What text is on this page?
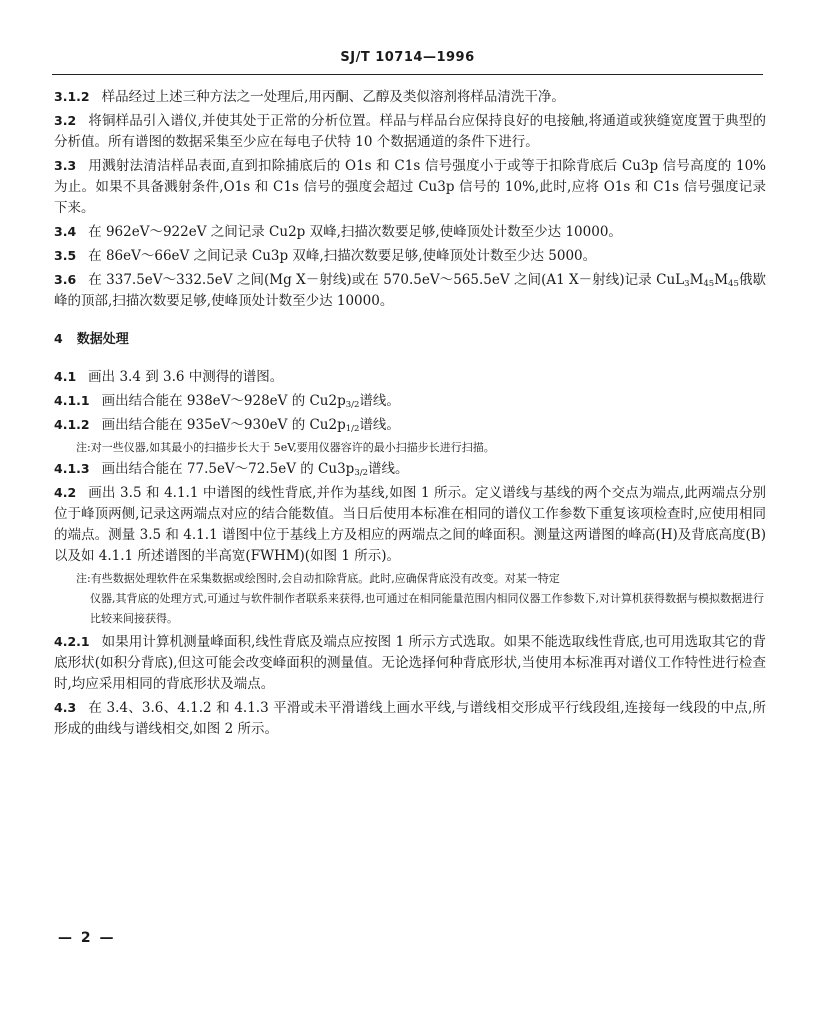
SJ/T 10714—1996

3.1.2 样品经过上述三种方法之一处理后,用丙酮、乙醇及类似溶剂将样品清洗干净。

3.2 将铜样品引入谱仪,并使其处于正常的分析位置。样品与样品台应保持良好的电接触,将通道或狭缝宽度置于典型的分析值。所有谱图的数据采集至少应在每电子伏特 10 个数据通道的条件下进行。

3.3 用溅射法清洁样品表面,直到扣除捕底后的 O1s 和 C1s 信号强度小于或等于扣除背底后 Cu3p 信号高度的 10%为止。如果不具备溅射条件,O1s 和 C1s 信号的强度会超过 Cu3p 信号的 10%,此时,应将 O1s 和 C1s 信号强度记录下来。

3.4 在 962eV～922eV 之间记录 Cu2p 双峰,扫描次数要足够,使峰顶处计数至少达 10000。

3.5 在 86eV～66eV 之间记录 Cu3p 双峰,扫描次数要足够,使峰顶处计数至少达 5000。

3.6 在 337.5eV～332.5eV 之间(Mg X－射线)或在 570.5eV～565.5eV 之间(A1 X－射线)记录 $CuL_3M_{45}M_{45}$俄歇峰的顶部,扫描次数要足够,使峰顶处计数至少达 10000。

4 数据处理

4.1 画出 3.4 到 3.6 中测得的谱图。

4.1.1 画出结合能在 938eV～928eV 的 $Cu2p_{3/2}$谱线。

4.1.2 画出结合能在 935eV～930eV 的 $Cu2p_{1/2}$谱线。

注:对一些仪器,如其最小的扫描步长大于 5eV,要用仪器容许的最小扫描步长进行扫描。

4.1.3 画出结合能在 77.5eV～72.5eV 的 $Cu3p_{3/2}$谱线。

4.2 画出 3.5 和 4.1.1 中谱图的线性背底,并作为基线,如图 1 所示。定义谱线与基线的两个交点为端点,此两端点分别位于峰顶两侧,记录这两端点对应的结合能数值。当日后使用本标准在相同的谱仪工作参数下重复该项检查时,应使用相同的端点。测量 3.5 和 4.1.1 谱图中位于基线上方及相应的两端点之间的峰面积。测量这两谱图的峰高(H)及背底高度(B)以及如 4.1.1 所述谱图的半高宽(FWHM)(如图 1 所示)。

注:有些数据处理软件在采集数据或绘图时,会自动扣除背底。此时,应确保背底没有改变。对某一特定
仪器,其背底的处理方式,可通过与软件制作者联系来获得,也可通过在相同能量范围内相同仪器工作参数下,对计算机获得数据与模拟数据进行比较来间接获得。

4.2.1 如果用计算机测量峰面积,线性背底及端点应按图 1 所示方式选取。如果不能选取线性背底,也可用选取其它的背底形状(如积分背底),但这可能会改变峰面积的测量值。无论选择何种背底形状,当使用本标准再对谱仪工作特性进行检查时,均应采用相同的背底形状及端点。

4.3 在 3.4、3.6、4.1.2 和 4.1.3 平滑或未平滑谱线上画水平线,与谱线相交形成平行线段组,连接每一线段的中点,所形成的曲线与谱线相交,如图 2 所示。

— 2 —
